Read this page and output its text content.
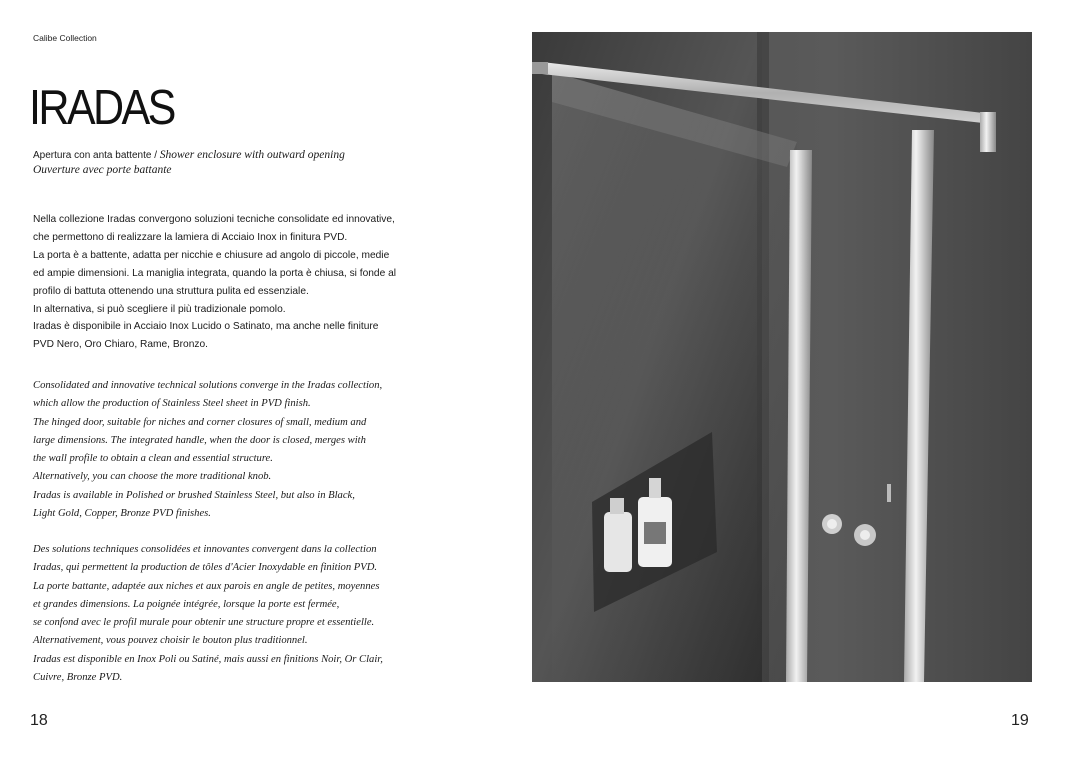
Calibe Collection
IRADAS
Apertura con anta battente / Shower enclosure with outward opening
Ouverture avec porte battante

Nella collezione Iradas convergono soluzioni tecniche consolidate ed innovative,

che permettono di realizzare la lamiera di Acciaio Inox in finitura PVD.

La porta è a battente, adatta per nicchie e chiusure ad angolo di piccole, medie

ed ampie dimensioni. La maniglia integrata, quando la porta è chiusa, si fonde al

profilo di battuta ottenendo una struttura pulita ed essenziale.

In alternativa, si può scegliere il più tradizionale pomolo.

Iradas è disponibile in Acciaio Inox Lucido o Satinato, ma anche nelle finiture

PVD Nero, Oro Chiaro, Rame, Bronzo.

Consolidated and innovative technical solutions converge in the Iradas collection,

which allow the production of Stainless Steel sheet in PVD finish.

The hinged door, suitable for niches and corner closures of small, medium and

large dimensions. The integrated handle, when the door is closed, merges with

the wall profile to obtain a clean and essential structure.

Alternatively, you can choose the more traditional knob.

Iradas is available in Polished or brushed Stainless Steel, but also in Black,

Light Gold, Copper, Bronze PVD finishes.

Des solutions techniques consolidées et innovantes convergent dans la collection

Iradas, qui permettent la production de tôles d'Acier Inoxydable en finition PVD.

La porte battante, adaptée aux niches et aux parois en angle de petites, moyennes

et grandes dimensions. La poignée intégrée, lorsque la porte est fermée,

se confond avec le profil murale pour obtenir une structure propre et essentielle.

Alternativement, vous pouvez choisir le bouton plus traditionnel.

Iradas est disponible en Inox Poli ou Satiné, mais aussi en finitions Noir, Or Clair,

Cuivre, Bronze PVD.

18	19
